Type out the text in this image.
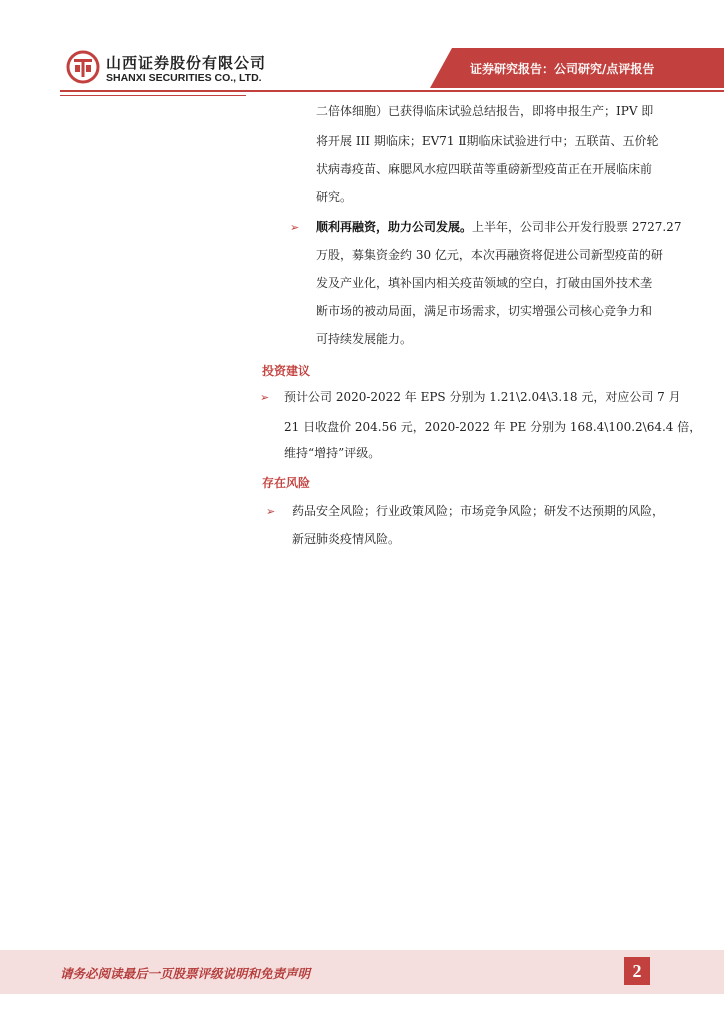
山西证券股份有限公司
SHANXI SECURITIES CO., LTD.
证券研究报告：公司研究/点评报告
二倍体细胞）已获得临床试验总结报告，即将申报生产；IPV 即
将开展 III 期临床；EV71 Ⅱ期临床试验进行中；五联苗、五价轮
状病毒疫苗、麻腮风水痘四联苗等重磅新型疫苗正在开展临床前
研究。
➢ 顺利再融资，助力公司发展。上半年，公司非公开发行股票 2727.27
万股，募集资金约 30 亿元，本次再融资将促进公司新型疫苗的研
发及产业化，填补国内相关疫苗领域的空白，打破由国外技术垄
断市场的被动局面，满足市场需求，切实增强公司核心竞争力和
可持续发展能力。
投资建议
➢ 预计公司 2020-2022 年 EPS 分别为 1.21\2.04\3.18 元，对应公司 7 月
21 日收盘价 204.56 元，2020-2022 年 PE 分别为 168.4\100.2\64.4 倍，
维持“增持”评级。
存在风险
➢ 药品安全风险；行业政策风险；市场竞争风险；研发不达预期的风险，
新冠肺炎疫情风险。
请务必阅读最后一页股票评级说明和免责声明	2
